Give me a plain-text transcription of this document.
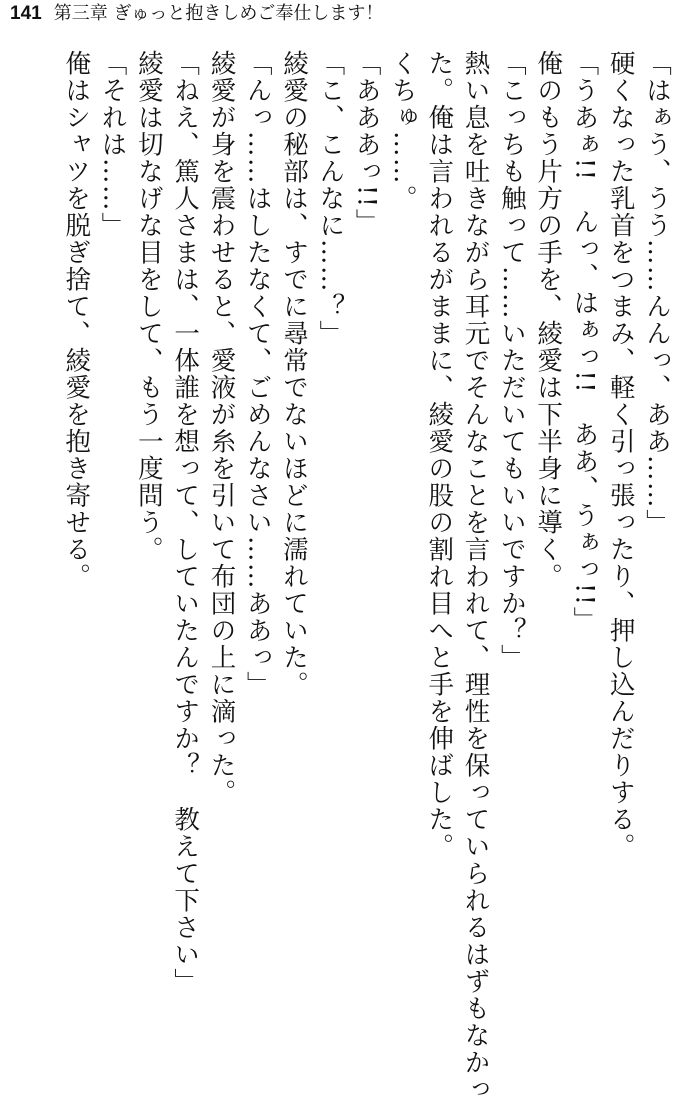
141 第三章 ぎゅっと抱きしめご奉仕します！
「はぁう、うう……んんっ、ああ……」
硬くなった乳首をつまみ、軽く引っ張ったり、押し込んだりする。
「うあぁ!!　んっ、はぁっ!!　ああ、うぁっ!!」
俺のもう片方の手を、綾愛は下半身に導く。
「こっちも触って……いただいてもいいですか？」
熱い息を吐きながら耳元でそんなことを言われて、理性を保っていられるはずもなかっ
た。俺は言われるがままに、綾愛の股の割れ目へと手を伸ばした。
くちゅ……。
「あああっ!!」
「こ、こんなに……？」
綾愛の秘部は、すでに尋常でないほどに濡れていた。
「んっ……はしたなくて、ごめんなさい……ああっ」
綾愛が身を震わせると、愛液が糸を引いて布団の上に滴った。
「ねえ、篤人さまは、一体誰を想って、していたんですか？　教えて下さい」
綾愛は切なげな目をして、もう一度問う。
「それは……」
俺はシャツを脱ぎ捨て、綾愛を抱き寄せる。
